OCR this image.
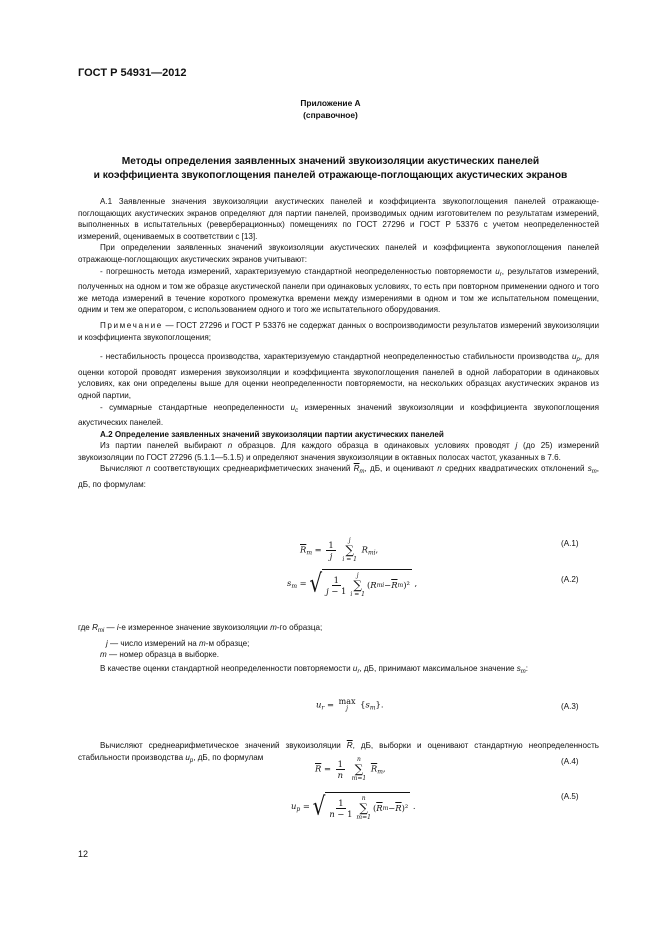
ГОСТ Р 54931—2012
Приложение А
(справочное)
Методы определения заявленных значений звукоизоляции акустических панелей
и коэффициента звукопоглощения панелей отражающе-поглощающих акустических экранов

А.1 Заявленные значения звукоизоляции акустических панелей и коэффициента звукопоглощения панелей отражающе-поглощающих акустических экранов определяют для партии панелей, производимых одним изготовителем по результатам измерений, выполненных в испытательных (реверберационных) помещениях по ГОСТ 27296 и ГОСТ Р 53376 с учетом неопределенностей измерений, оцениваемых в соответствии с [13].

При определении заявленных значений звукоизоляции акустических панелей и коэффициента звукопоглощения панелей отражающе-поглощающих акустических экранов учитывают:

- погрешность метода измерений, характеризуемую стандартной неопределенностью повторяемости $u_r$, результатов измерений, полученных на одном и том же образце акустической панели при одинаковых условиях, то есть при повторном применении одного и того же метода измерений в течение короткого промежутка времени между измерениями в одном и том же испытательном помещении, одним и тем же оператором, с использованием одного и того же испытательного оборудования.

Примечание — ГОСТ 27296 и ГОСТ Р 53376 не содержат данных о воспроизводимости результатов измерений звукоизоляции и коэффициента звукопоглощения;

- нестабильность процесса производства, характеризуемую стандартной неопределенностью стабильности производства $u_p$, для оценки которой проводят измерения звукоизоляции и коэффициента звукопоглощения панелей в одной лаборатории в одинаковых условиях, как они определены выше для оценки неопределенности повторяемости, на нескольких образцах акустических экранов из одной партии,

- суммарные стандартные неопределенности $u_c$ измеренных значений звукоизоляции и коэффициента звукопоглощения акустических панелей.

А.2 Определение заявленных значений звукоизоляции партии акустических панелей

Из партии панелей выбирают n образцов. Для каждого образца в одинаковых условиях проводят j (до 25) измерений звукоизоляции по ГОСТ 27296 (5.1.1—5.1.5) и определяют значения звукоизоляции в октавных полосах частот, указанных в 7.6.

Вычисляют n соответствующих среднеарифметических значений $\overline{R}_m$, дБ, и оценивают n средних квадратических отклонений $s_m$, дБ, по формулам:

$\overline{R}_m = \frac{1}{j}$
j
∑
i = 1
$R_{mi}$,
(А.1)
$s_m$ = √ $\frac{1}{j - 1}$ j
∑
i = 1
( R mi − $\overline{R}$ m )² ,	(А.2)

где $R_{mi}$ — i-е измеренное значение звукоизоляции m-го образца;

j — число измерений на m-м образце;

m — номер образца в выборке.

В качестве оценки стандартной неопределенности повторяемости $u_r$, дБ, принимают максимальное значение $s_m$:

$u_r = \max$
j $\{s_m\}$.	(А.3)

Вычисляют среднеарифметическое значений звукоизоляции $\overline{R}$, дБ, выборки и оценивают стандартную неопределенность стабильности производства $u_p$, дБ, по формулам

$\overline{R} = \frac{1}{n}$
n
∑
m=1
$\overline{R}_m$,
(А.4)
$u_p$ = √ $\frac{1}{n - 1}$ n
∑
m=1
( $\overline{R}$ $m - \overline{R}$ )² .
(А.5)
12
